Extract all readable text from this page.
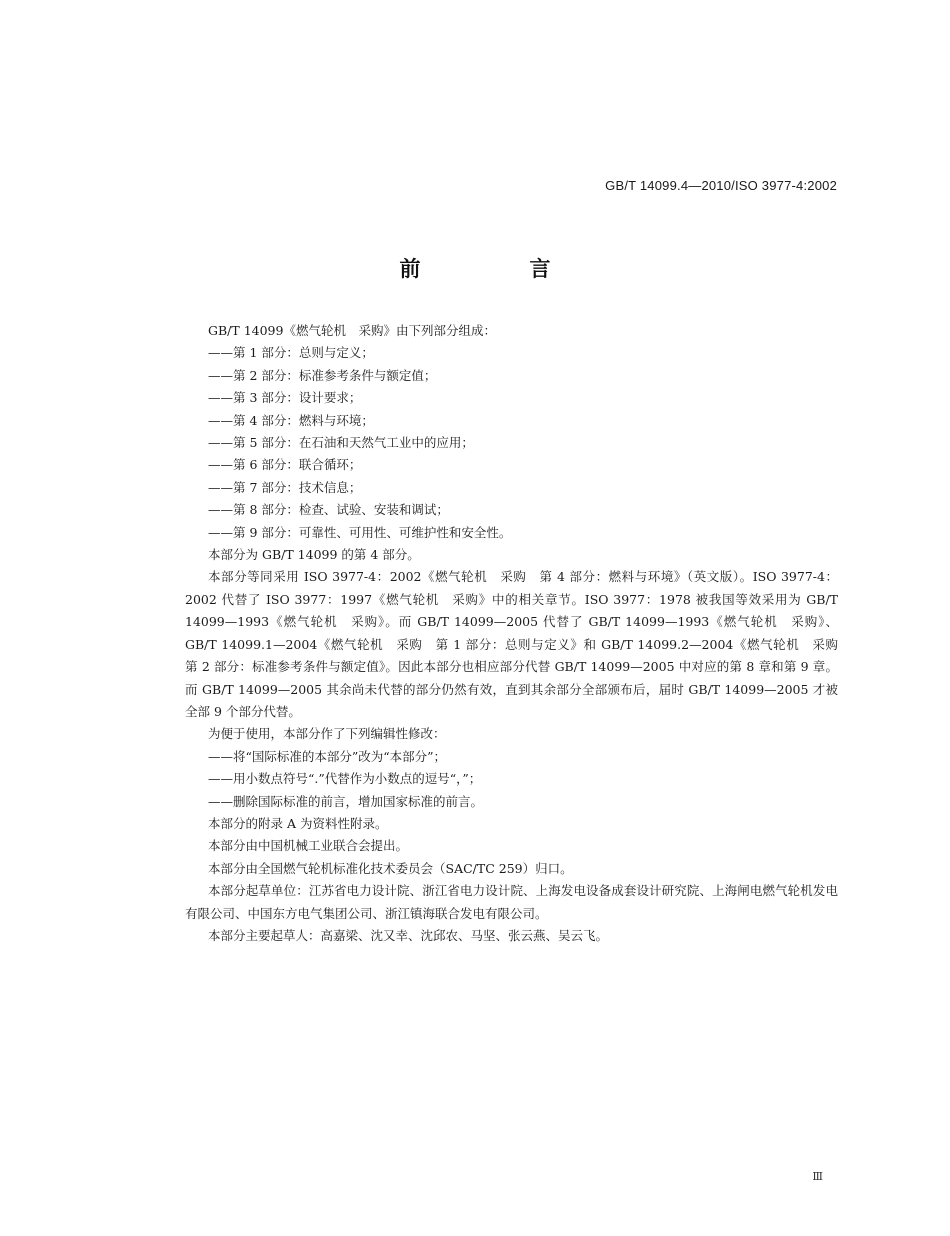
GB/T 14099.4—2010/ISO 3977-4:2002
前　言

GB/T 14099《燃气轮机　采购》由下列部分组成：

——第 1 部分：总则与定义；

——第 2 部分：标准参考条件与额定值；

——第 3 部分：设计要求；

——第 4 部分：燃料与环境；

——第 5 部分：在石油和天然气工业中的应用；

——第 6 部分：联合循环；

——第 7 部分：技术信息；

——第 8 部分：检查、试验、安装和调试；

——第 9 部分：可靠性、可用性、可维护性和安全性。

本部分为 GB/T 14099 的第 4 部分。

本部分等同采用 ISO 3977-4：2002《燃气轮机　采购　第 4 部分：燃料与环境》（英文版）。ISO 3977-4：2002 代替了 ISO 3977：1997《燃气轮机　采购》中的相关章节。ISO 3977：1978 被我国等效采用为 GB/T 14099—1993《燃气轮机　采购》。而 GB/T 14099—2005 代替了 GB/T 14099—1993《燃气轮机　采购》、GB/T 14099.1—2004《燃气轮机　采购　第 1 部分：总则与定义》和 GB/T 14099.2—2004《燃气轮机　采购　第 2 部分：标准参考条件与额定值》。因此本部分也相应部分代替 GB/T 14099—2005 中对应的第 8 章和第 9 章。而 GB/T 14099—2005 其余尚未代替的部分仍然有效，直到其余部分全部颁布后，届时 GB/T 14099—2005 才被全部 9 个部分代替。

为便于使用，本部分作了下列编辑性修改：

——将“国际标准的本部分”改为“本部分”；

——用小数点符号“.”代替作为小数点的逗号“，”；

——删除国际标准的前言，增加国家标准的前言。

本部分的附录 A 为资料性附录。

本部分由中国机械工业联合会提出。

本部分由全国燃气轮机标准化技术委员会（SAC/TC 259）归口。

本部分起草单位：江苏省电力设计院、浙江省电力设计院、上海发电设备成套设计研究院、上海闸电燃气轮机发电有限公司、中国东方电气集团公司、浙江镇海联合发电有限公司。

本部分主要起草人：高嘉梁、沈又幸、沈邱农、马坚、张云燕、吴云飞。

Ⅲ
